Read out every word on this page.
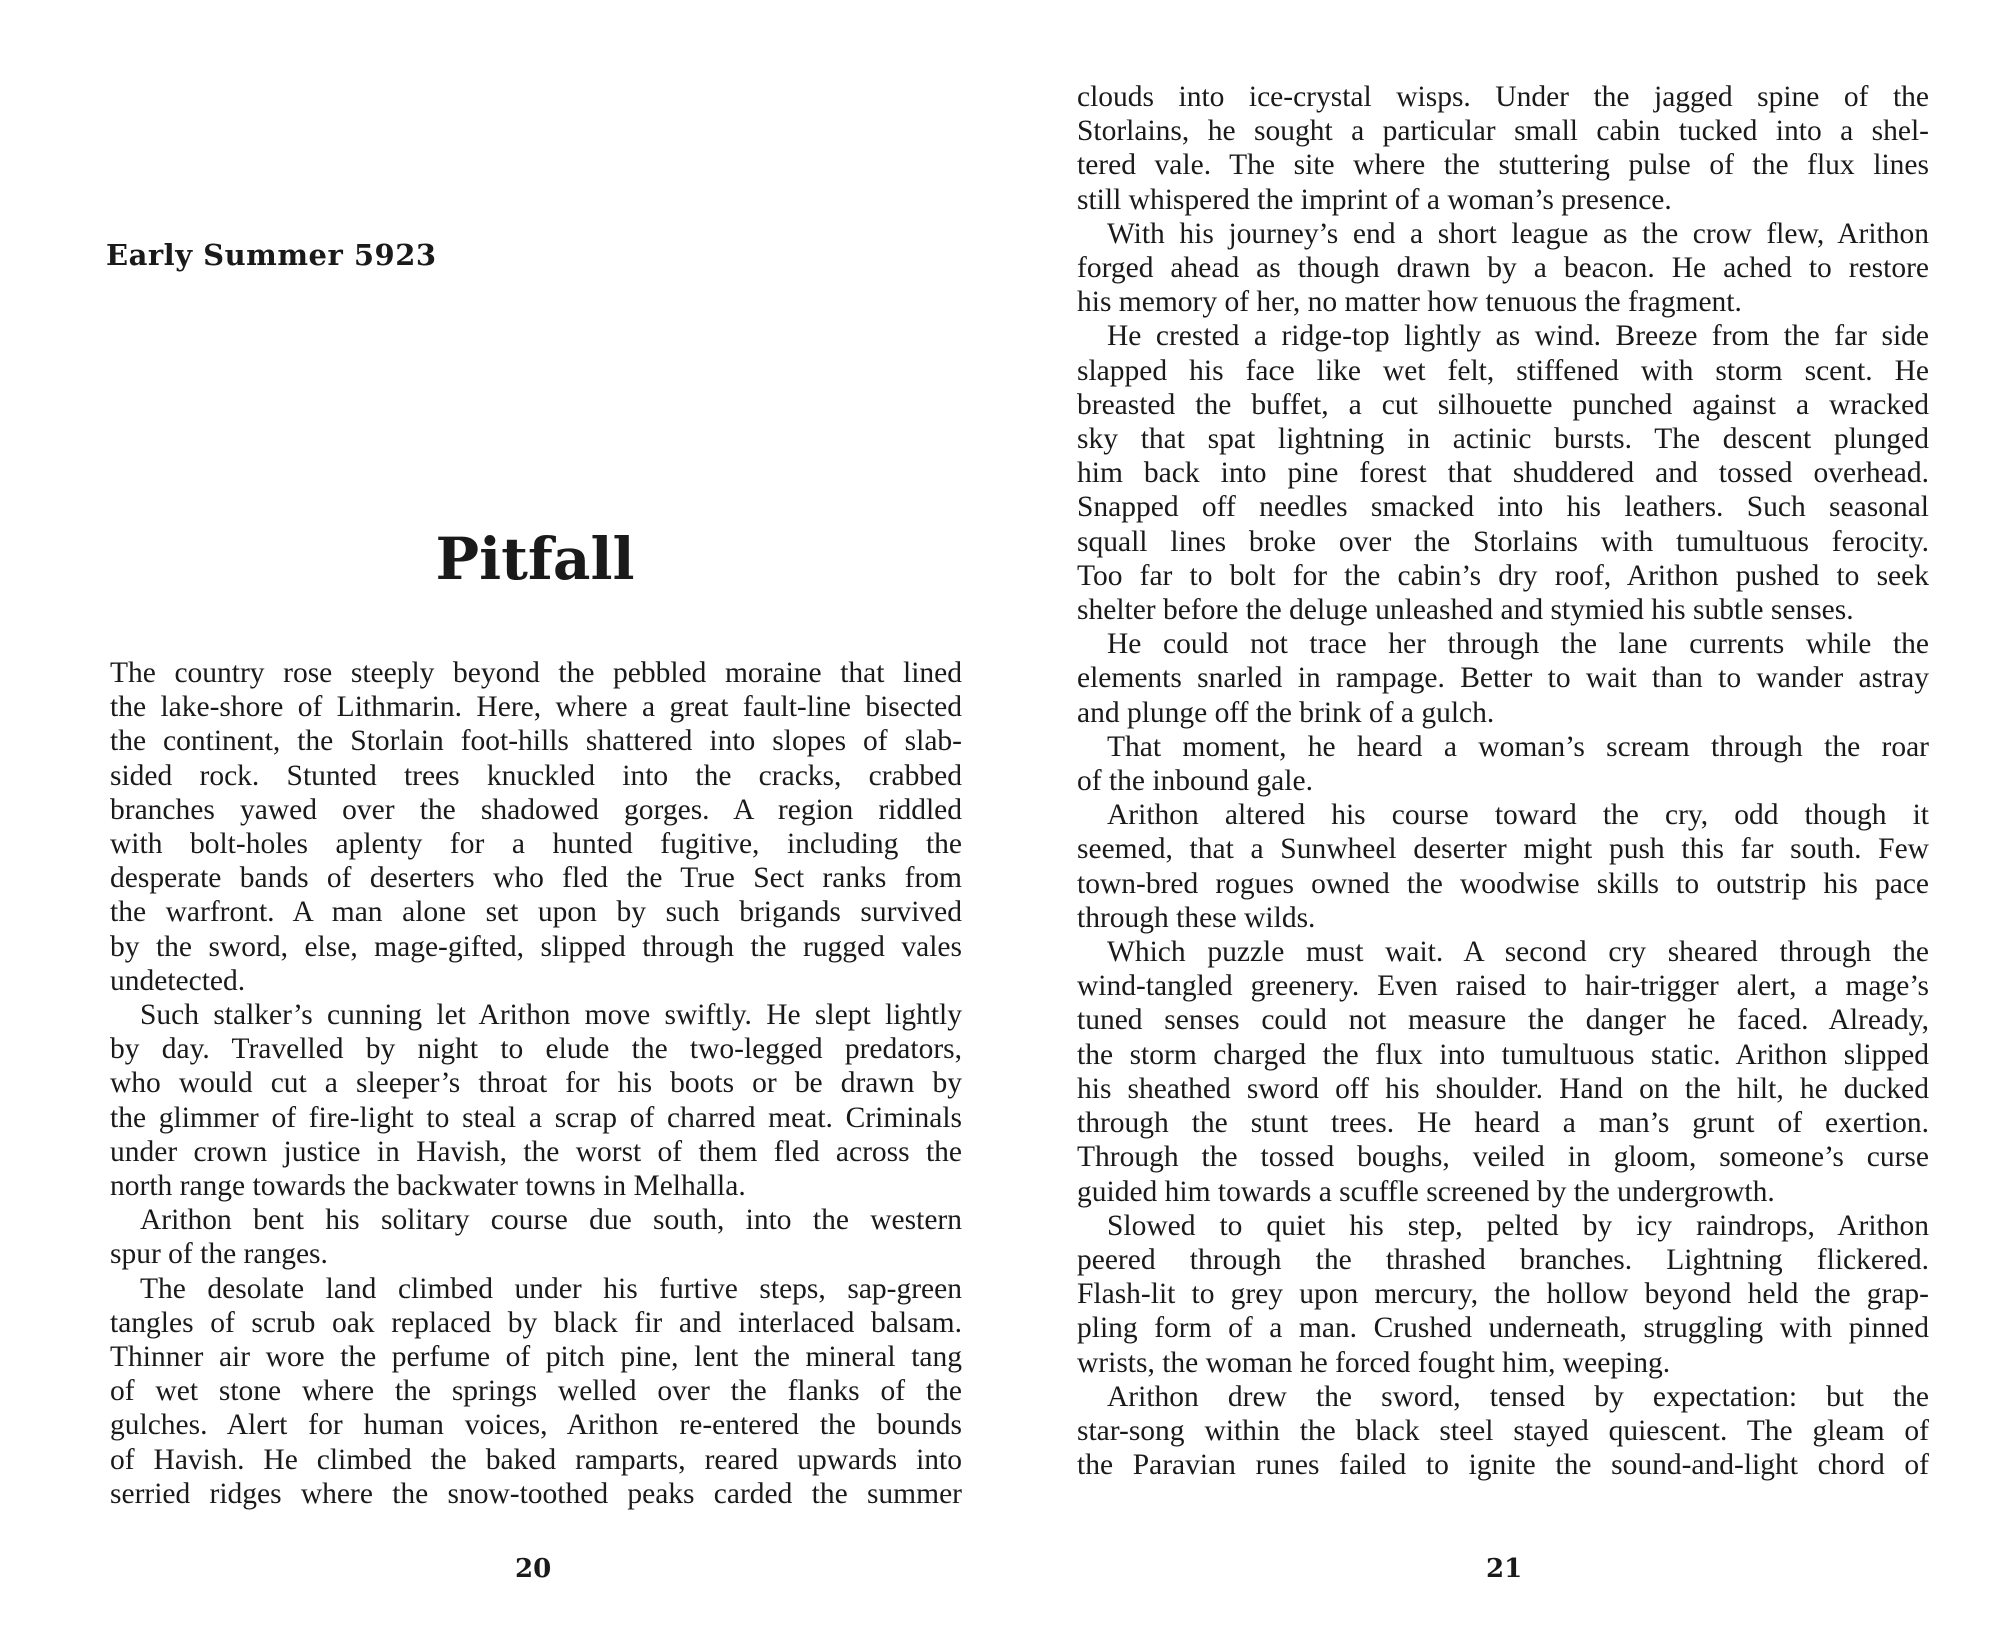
Early Summer 5923
Pitfall

The country rose steeply beyond the pebbled moraine that lined

the lake-shore of Lithmarin. Here, where a great fault-line bisected

the continent, the Storlain foot-hills shattered into slopes of slab-

sided rock. Stunted trees knuckled into the cracks, crabbed

branches yawed over the shadowed gorges. A region riddled

with bolt-holes aplenty for a hunted fugitive, including the

desperate bands of deserters who fled the True Sect ranks from

the warfront. A man alone set upon by such brigands survived

by the sword, else, mage-gifted, slipped through the rugged vales

undetected.

Such stalker’s cunning let Arithon move swiftly. He slept lightly

by day. Travelled by night to elude the two-legged predators,

who would cut a sleeper’s throat for his boots or be drawn by

the glimmer of fire-light to steal a scrap of charred meat. Criminals

under crown justice in Havish, the worst of them fled across the

north range towards the backwater towns in Melhalla.

Arithon bent his solitary course due south, into the western

spur of the ranges.

The desolate land climbed under his furtive steps, sap-green

tangles of scrub oak replaced by black fir and interlaced balsam.

Thinner air wore the perfume of pitch pine, lent the mineral tang

of wet stone where the springs welled over the flanks of the

gulches. Alert for human voices, Arithon re-entered the bounds

of Havish. He climbed the baked ramparts, reared upwards into

serried ridges where the snow-toothed peaks carded the summer

20

clouds into ice-crystal wisps. Under the jagged spine of the

Storlains, he sought a particular small cabin tucked into a shel-

tered vale. The site where the stuttering pulse of the flux lines

still whispered the imprint of a woman’s presence.

With his journey’s end a short league as the crow flew, Arithon

forged ahead as though drawn by a beacon. He ached to restore

his memory of her, no matter how tenuous the fragment.

He crested a ridge-top lightly as wind. Breeze from the far side

slapped his face like wet felt, stiffened with storm scent. He

breasted the buffet, a cut silhouette punched against a wracked

sky that spat lightning in actinic bursts. The descent plunged

him back into pine forest that shuddered and tossed overhead.

Snapped off needles smacked into his leathers. Such seasonal

squall lines broke over the Storlains with tumultuous ferocity.

Too far to bolt for the cabin’s dry roof, Arithon pushed to seek

shelter before the deluge unleashed and stymied his subtle senses.

He could not trace her through the lane currents while the

elements snarled in rampage. Better to wait than to wander astray

and plunge off the brink of a gulch.

That moment, he heard a woman’s scream through the roar

of the inbound gale.

Arithon altered his course toward the cry, odd though it

seemed, that a Sunwheel deserter might push this far south. Few

town-bred rogues owned the woodwise skills to outstrip his pace

through these wilds.

Which puzzle must wait. A second cry sheared through the

wind-tangled greenery. Even raised to hair-trigger alert, a mage’s

tuned senses could not measure the danger he faced. Already,

the storm charged the flux into tumultuous static. Arithon slipped

his sheathed sword off his shoulder. Hand on the hilt, he ducked

through the stunt trees. He heard a man’s grunt of exertion.

Through the tossed boughs, veiled in gloom, someone’s curse

guided him towards a scuffle screened by the undergrowth.

Slowed to quiet his step, pelted by icy raindrops, Arithon

peered through the thrashed branches. Lightning flickered.

Flash-lit to grey upon mercury, the hollow beyond held the grap-

pling form of a man. Crushed underneath, struggling with pinned

wrists, the woman he forced fought him, weeping.

Arithon drew the sword, tensed by expectation: but the

star-song within the black steel stayed quiescent. The gleam of

the Paravian runes failed to ignite the sound-and-light chord of

21
